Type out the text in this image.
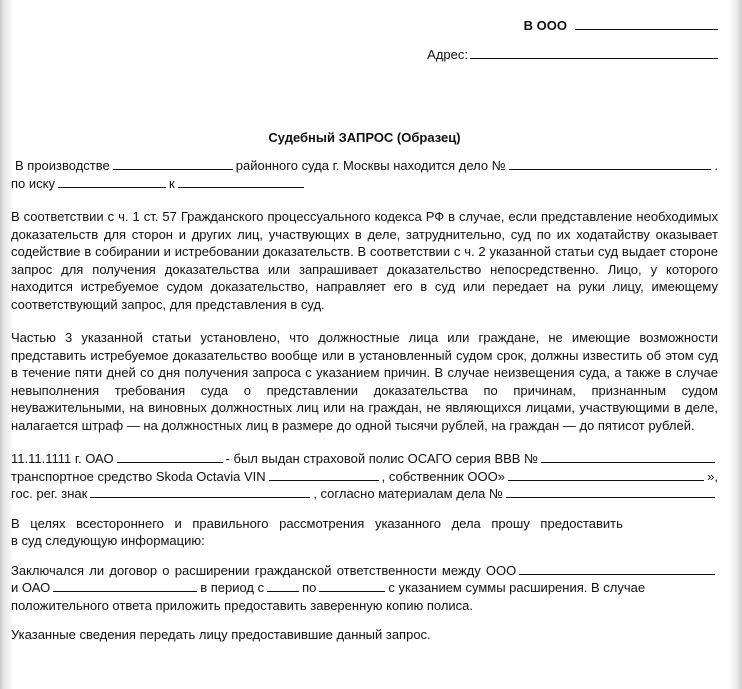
В ООО
Адрес:
Судебный ЗАПРОС (Образец)
В производстве	районного суда г. Москвы находится дело №	.
по иску	к

В соответствии с ч. 1 ст. 57 Гражданского процессуального кодекса РФ в случае, если представление необходимых доказательств для сторон и других лиц, участвующих в деле, затруднительно, суд по их ходатайству оказывает содействие в собирании и истребовании доказательств. В соответствии с ч. 2 указанной статьи суд выдает стороне запрос для получения доказательства или запрашивает доказательство непосредственно. Лицо, у которого находится истребуемое судом доказательство, направляет его в суд или передает на руки лицу, имеющему соответствующий запрос, для представления в суд.

Частью 3 указанной статьи установлено, что должностные лица или граждане, не имеющие возможности представить истребуемое доказательство вообще или в установленный судом срок, должны известить об этом суд в течение пяти дней со дня получения запроса с указанием причин. В случае неизвещения суда, а также в случае невыполнения требования суда о представлении доказательства по причинам, признанным судом неуважительными, на виновных должностных лиц или на граждан, не являющихся лицами, участвующими в деле, налагается штраф — на должностных лиц в размере до одной тысячи рублей, на граждан — до пятисот рублей.

11.11.1111 г. ОАО	- был выдан страховой полис ОСАГО серия ВВВ №
транспортное средство Skoda Octavia VIN	, собственник ООО»	»,
гос. рег. знак	, согласно материалам дела №
В целях всестороннего и правильного рассмотрения указанного дела прошу предоставить
в суд следующую информацию:
Заключался ли договор о расширении гражданской ответственности между ООО
и ОАО	в период с	по	с указанием суммы расширения. В случае
положительного ответа приложить предоставить заверенную копию полиса.
Указанные сведения передать лицу предоставившие данный запрос.
